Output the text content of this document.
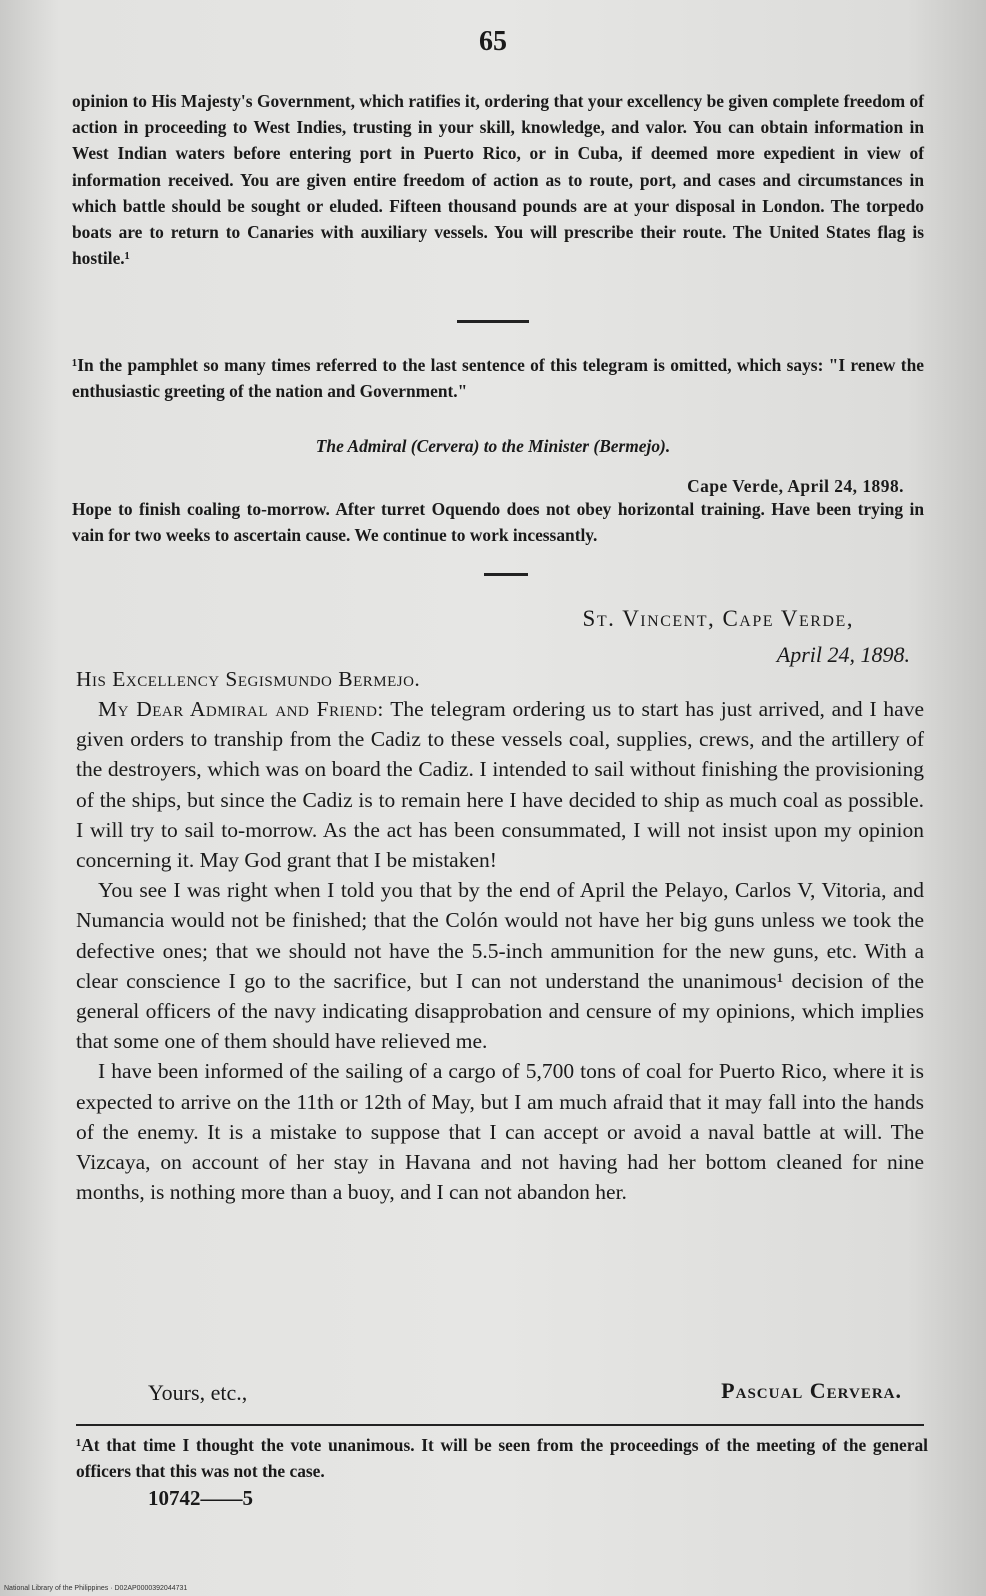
65
opinion to His Majesty's Government, which ratifies it, ordering that your excellency be given complete freedom of action in proceeding to West Indies, trusting in your skill, knowledge, and valor. You can obtain information in West Indian waters before entering port in Puerto Rico, or in Cuba, if deemed more expedient in view of information received. You are given entire freedom of action as to route, port, and cases and circumstances in which battle should be sought or eluded. Fifteen thousand pounds are at your disposal in London. The torpedo boats are to return to Canaries with auxiliary vessels. You will prescribe their route. The United States flag is hostile.¹
¹In the pamphlet so many times referred to the last sentence of this telegram is omitted, which says: "I renew the enthusiastic greeting of the nation and Government."
The Admiral (Cervera) to the Minister (Bermejo).
Cape Verde, April 24, 1898.
Hope to finish coaling to-morrow. After turret Oquendo does not obey horizontal training. Have been trying in vain for two weeks to ascertain cause. We continue to work incessantly.
St. Vincent, Cape Verde,
April 24, 1898.

His Excellency Segismundo Bermejo.

My Dear Admiral and Friend: The telegram ordering us to start has just arrived, and I have given orders to tranship from the Cadiz to these vessels coal, supplies, crews, and the artillery of the destroyers, which was on board the Cadiz. I intended to sail without finishing the provisioning of the ships, but since the Cadiz is to remain here I have decided to ship as much coal as possible. I will try to sail to-morrow. As the act has been consummated, I will not insist upon my opinion concerning it. May God grant that I be mistaken!

You see I was right when I told you that by the end of April the Pelayo, Carlos V, Vitoria, and Numancia would not be finished; that the Colón would not have her big guns unless we took the defective ones; that we should not have the 5.5-inch ammunition for the new guns, etc. With a clear conscience I go to the sacrifice, but I can not understand the unanimous¹ decision of the general officers of the navy indicating disapprobation and censure of my opinions, which implies that some one of them should have relieved me.

I have been informed of the sailing of a cargo of 5,700 tons of coal for Puerto Rico, where it is expected to arrive on the 11th or 12th of May, but I am much afraid that it may fall into the hands of the enemy. It is a mistake to suppose that I can accept or avoid a naval battle at will. The Vizcaya, on account of her stay in Havana and not having had her bottom cleaned for nine months, is nothing more than a buoy, and I can not abandon her.

Yours, etc.,	Pascual Cervera.
¹At that time I thought the vote unanimous. It will be seen from the proceedings of the meeting of the general officers that this was not the case.
10742——5
National Library of the Philippines · D02AP0000392044731
